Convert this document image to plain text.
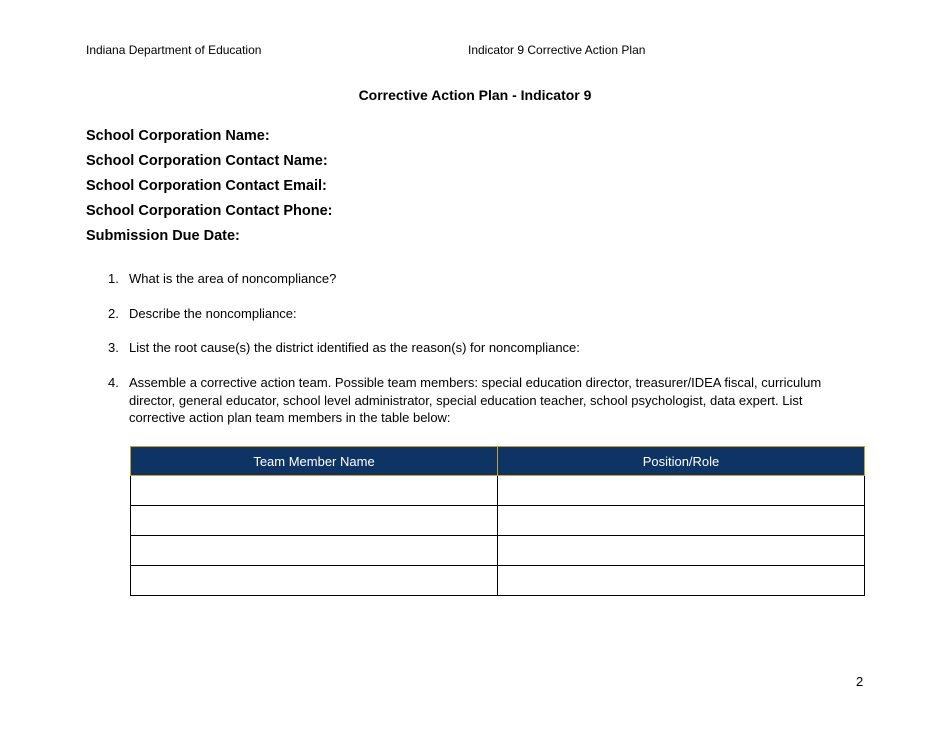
Indiana Department of Education	Indicator 9 Corrective Action Plan
Corrective Action Plan - Indicator 9
School Corporation Name:
School Corporation Contact Name:
School Corporation Contact Email:
School Corporation Contact Phone:
Submission Due Date:
1. What is the area of noncompliance?
2. Describe the noncompliance:
3. List the root cause(s) the district identified as the reason(s) for noncompliance:
4. Assemble a corrective action team. Possible team members: special education director, treasurer/IDEA fiscal, curriculum director, general educator, school level administrator, special education teacher, school psychologist, data expert. List corrective action plan team members in the table below:
Team Member Name	Position/Role

2
